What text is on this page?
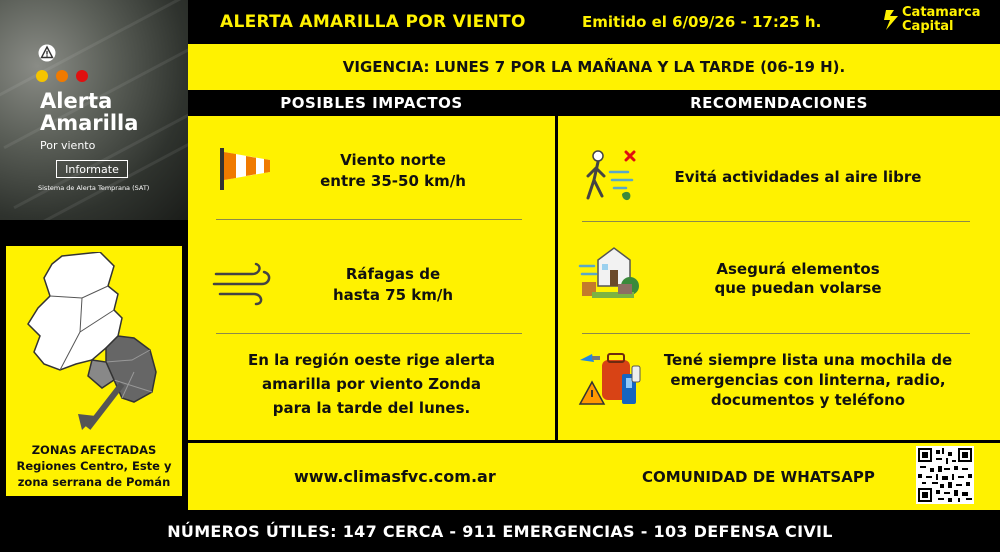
Alerta
Amarilla
Por viento
Informate
Sistema de Alerta Temprana (SAT)
ALERTA AMARILLA POR VIENTO	Emitido el 6/09/26 - 17:25 h.
Catamarca
Capital
VIGENCIA: LUNES 7 POR LA MAÑANA Y LA TARDE (06-19 H).
POSIBLES IMPACTOS	RECOMENDACIONES
Viento norte
entre 35-50 km/h
Ráfagas de
hasta 75 km/h
En la región oeste rige alerta
amarilla por viento Zonda
para la tarde del lunes.
Evitá actividades al aire libre
Asegurá elementos
que puedan volarse
Tené siempre lista una mochila de
emergencias con linterna, radio,
documentos y teléfono
ZONAS AFECTADAS
Regiones Centro, Este y
zona serrana de Pomán	www.climasfvc.com.ar	COMUNIDAD DE WHATSAPP
NÚMEROS ÚTILES: 147 CERCA - 911 EMERGENCIAS - 103 DEFENSA CIVIL
